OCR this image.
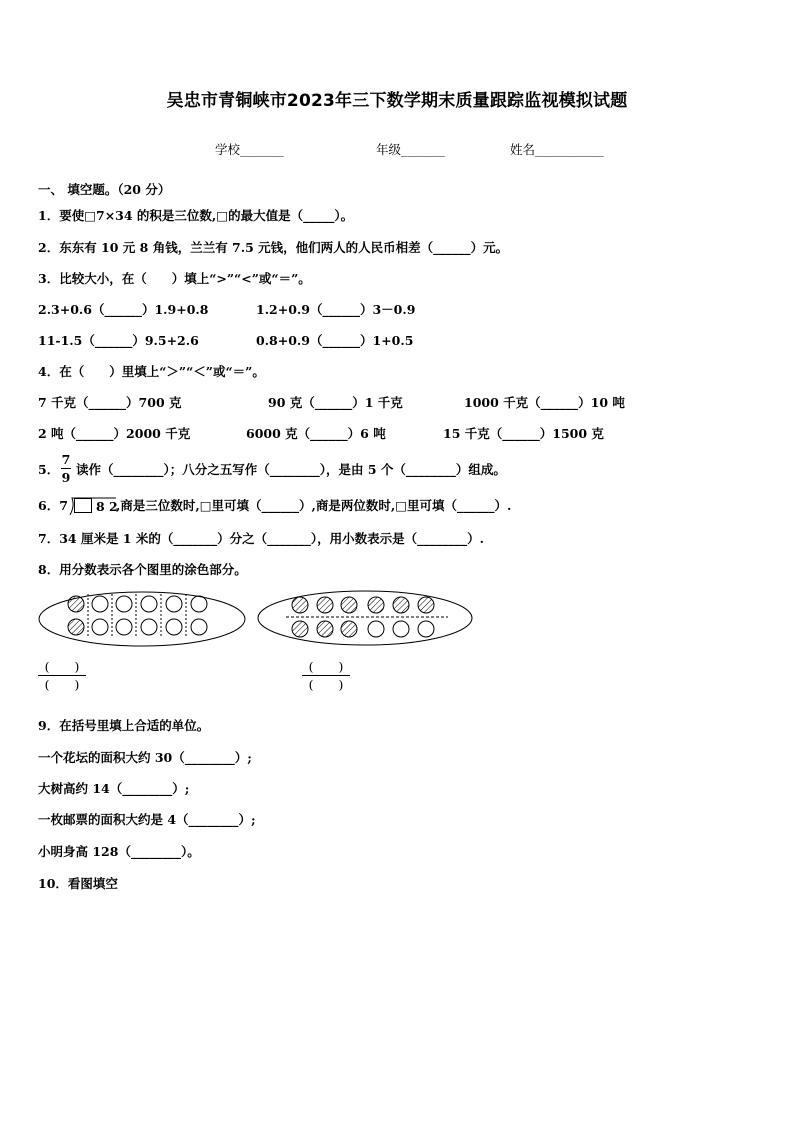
吴忠市青铜峡市2023年三下数学期末质量跟踪监视模拟试题
学校_______	年级_______	姓名___________
一、 填空题。（20 分）
1．要使□7×34 的积是三位数,□的最大值是（_____）。
2．东东有 10 元 8 角钱，兰兰有 7.5 元钱，他们两人的人民币相差（______）元。
3．比较大小，在（　　）填上“>”“<”或“＝”。
2.3+0.6（______）1.9+0.8	1.2+0.9（______）3－0.9
11-1.5（______）9.5+2.6	0.8+0.9（______）1+0.5
4．在（　　）里填上“＞”“＜”或“＝”。
7 千克（______）700 克	90 克（______）1 千克	1000 千克（______）10 吨
2 吨（______）2000 千克	6000 克（______）6 吨	15 千克（______）1500 克
5．
7
9
读作（________）；八分之五写作（________），是由 5 个（________）组成。
6．7	8 2
,商是三位数时,□里可填（______）,商是两位数时,□里可填（______）.
7．34 厘米是 1 米的（_______）分之（_______），用小数表示是（________）.
8．用分数表示各个图里的涂色部分。
(　　)
(　　)
(　　)
(　　)
9．在括号里填上合适的单位。
一个花坛的面积大约 30（________）;
大树高约 14（________）;
一枚邮票的面积大约是 4（________）;
小明身高 128（________）。
10．看图填空
